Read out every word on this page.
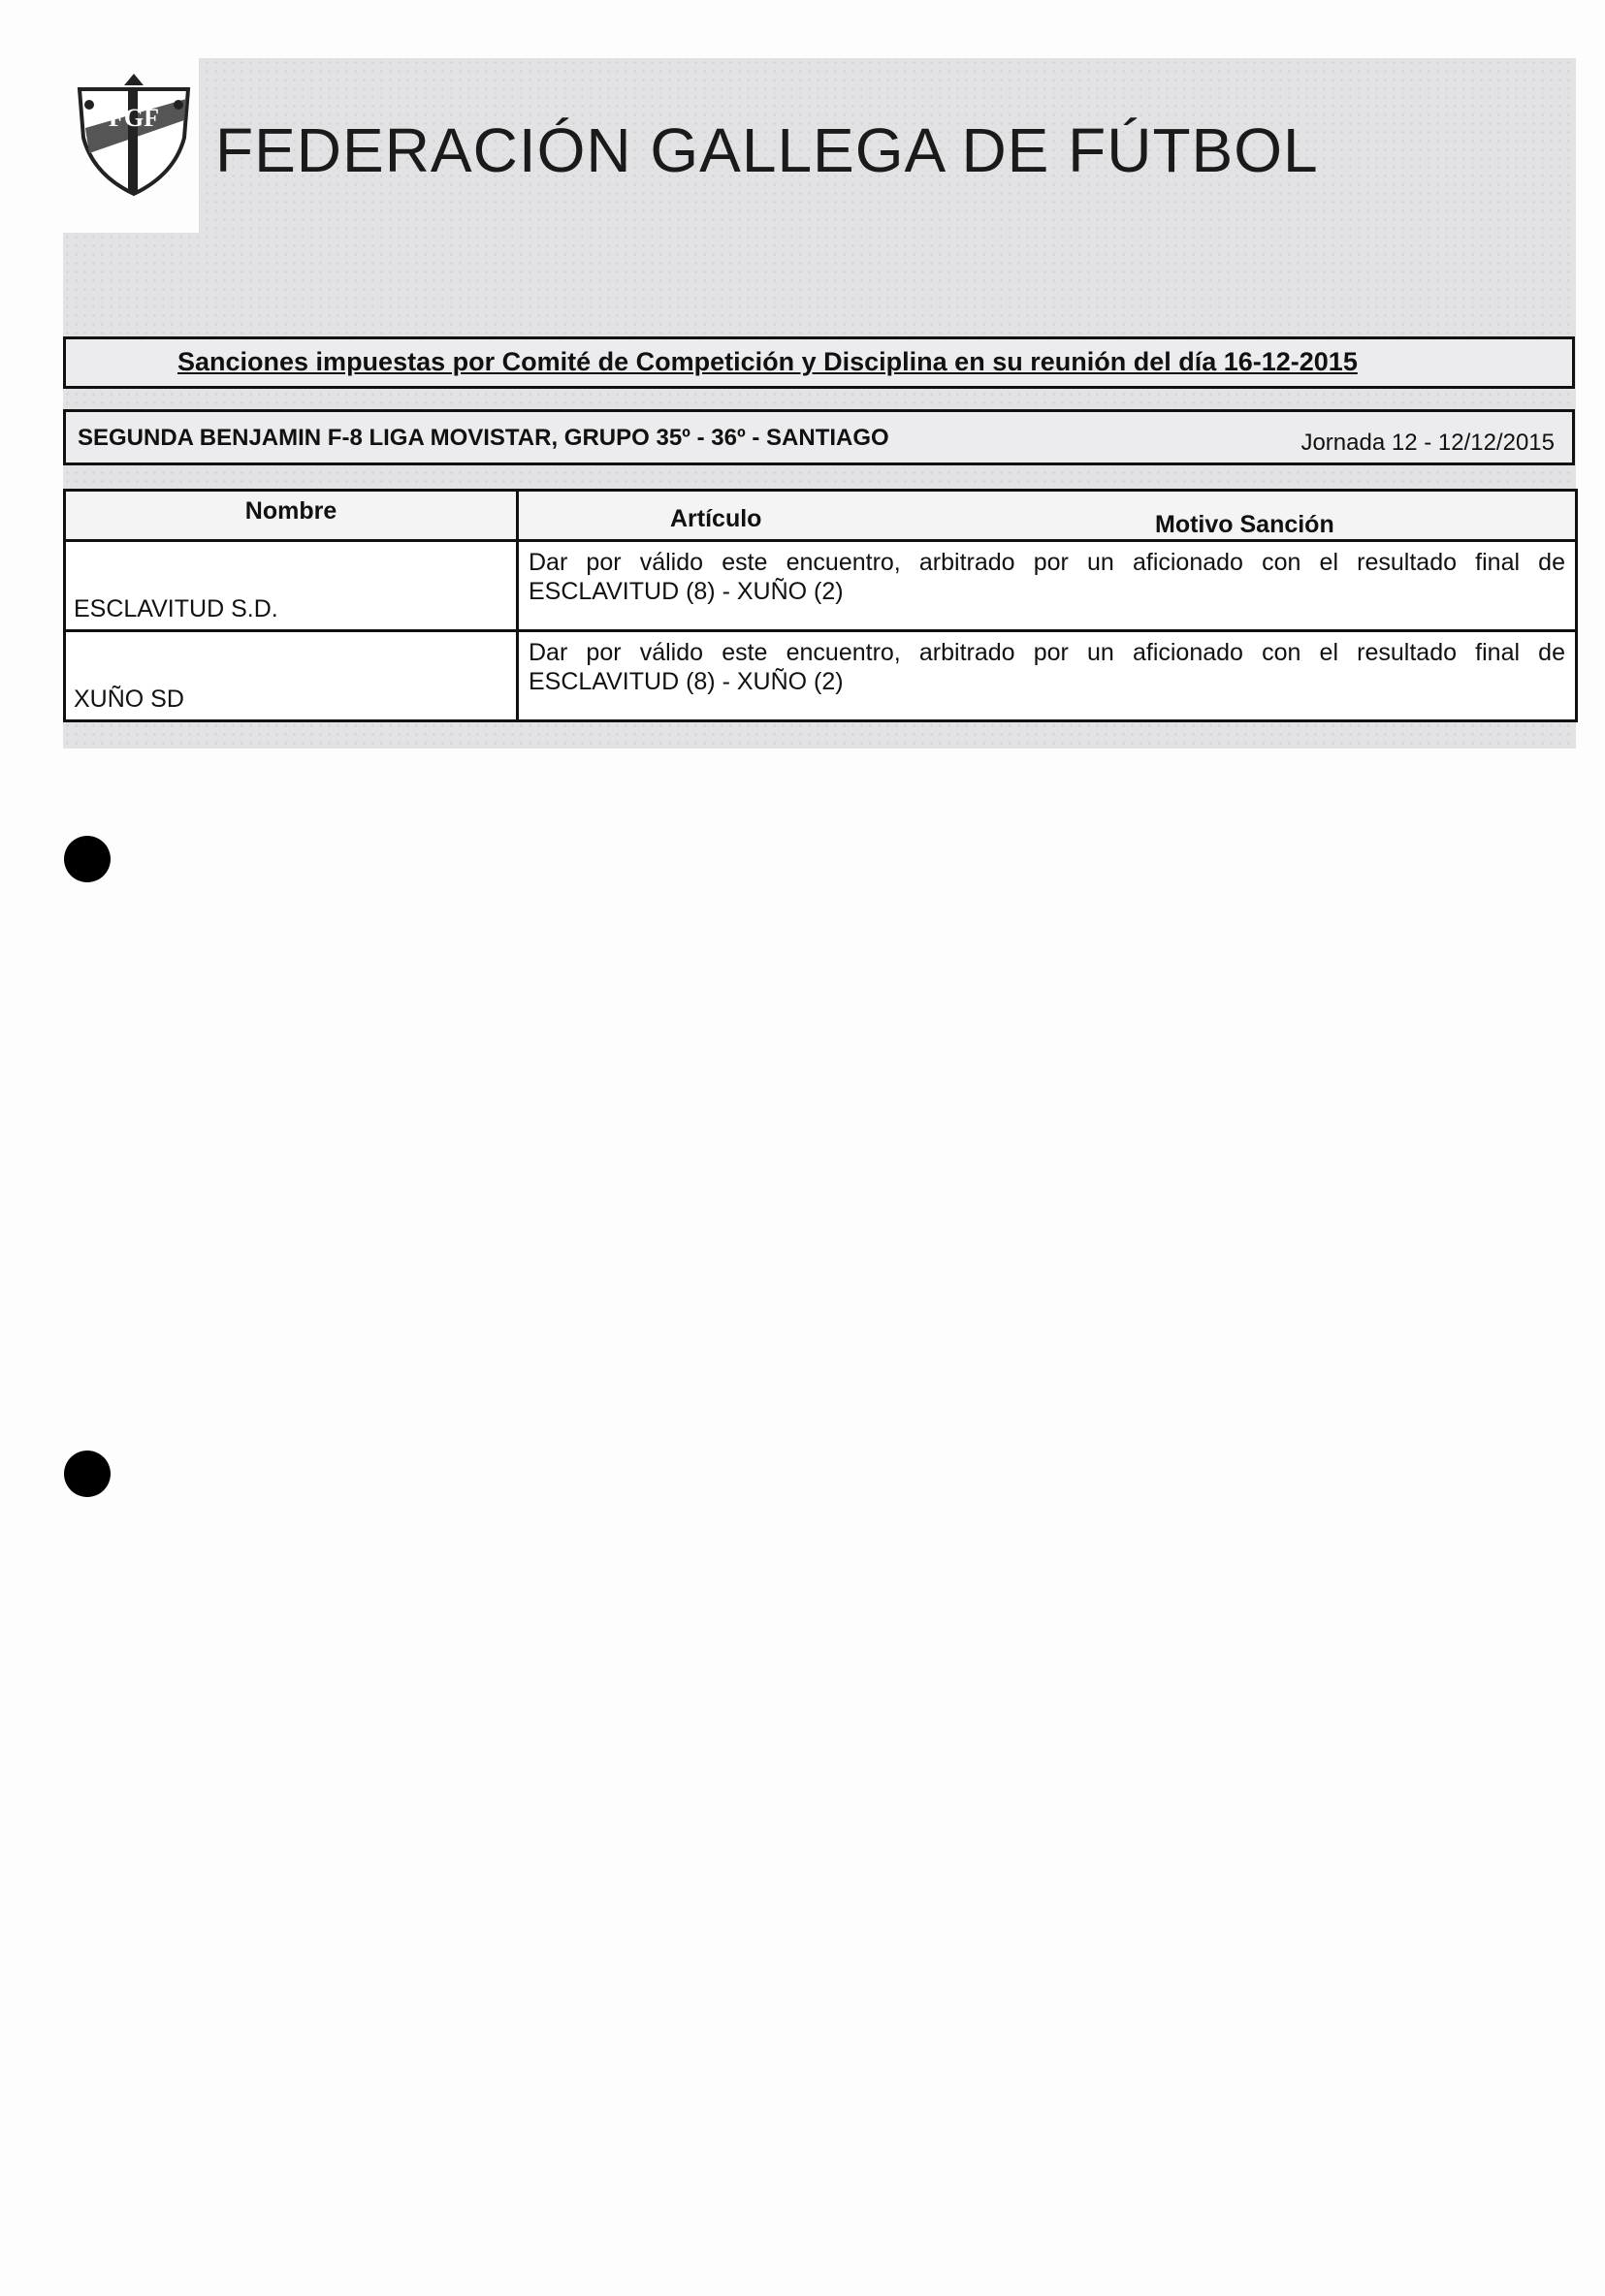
FGF FEDERACIÓN GALLEGA DE FÚTBOL
Sanciones impuestas por Comité de Competición y Disciplina en su reunión del día 16-12-2015
SEGUNDA BENJAMIN F-8 LIGA MOVISTAR, GRUPO 35º - 36º - SANTIAGO	Jornada 12 - 12/12/2015
Nombre	Artículo Motivo Sanción

ESCLAVITUD S.D.	Dar por válido este encuentro, arbitrado por un aficionado con el resultado final de ESCLAVITUD (8) - XUÑO (2)
XUÑO SD	Dar por válido este encuentro, arbitrado por un aficionado con el resultado final de ESCLAVITUD (8) - XUÑO (2)
